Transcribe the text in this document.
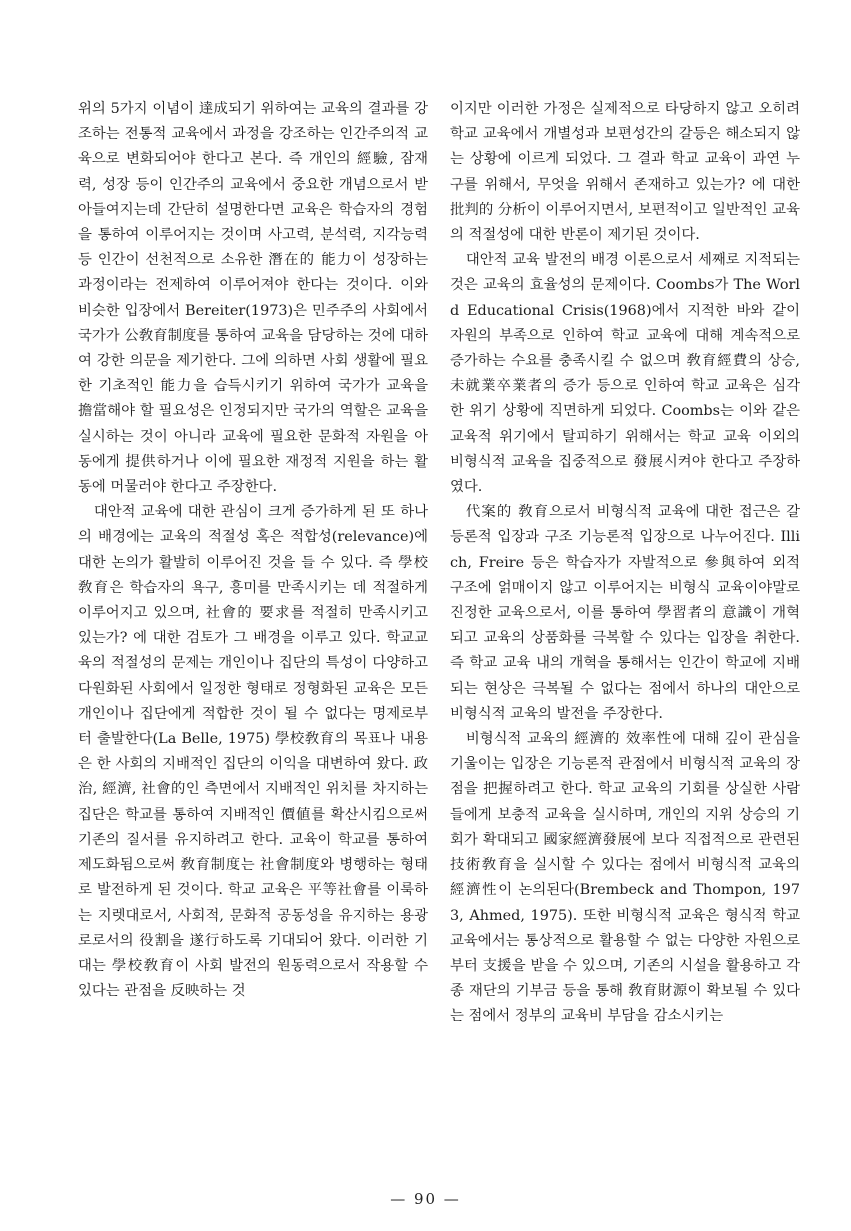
위의 5가지 이념이 達成되기 위하여는 교육의 결과를 강조하는 전통적 교육에서 과정을 강조하는 인간주의적 교육으로 변화되어야 한다고 본다. 즉 개인의 經驗, 잠재력, 성장 등이 인간주의 교육에서 중요한 개념으로서 받아들여지는데 간단히 설명한다면 교육은 학습자의 경험을 통하여 이루어지는 것이며 사고력, 분석력, 지각능력 등 인간이 선천적으로 소유한 潛在的 能力이 성장하는 과정이라는 전제하여 이루어져야 한다는 것이다. 이와 비슷한 입장에서 Bereiter(1973)은 민주주의 사회에서 국가가 公敎育制度를 통하여 교육을 담당하는 것에 대하여 강한 의문을 제기한다. 그에 의하면 사회 생활에 필요한 기초적인 能力을 습득시키기 위하여 국가가 교육을 擔當해야 할 필요성은 인정되지만 국가의 역할은 교육을 실시하는 것이 아니라 교육에 필요한 문화적 자원을 아동에게 提供하거나 이에 필요한 재정적 지원을 하는 활동에 머물러야 한다고 주장한다.

대안적 교육에 대한 관심이 크게 증가하게 된 또 하나의 배경에는 교육의 적절성 혹은 적합성(relevance)에 대한 논의가 활발히 이루어진 것을 들 수 있다. 즉 學校敎育은 학습자의 욕구, 흥미를 만족시키는 데 적절하게 이루어지고 있으며, 社會的 要求를 적절히 만족시키고 있는가? 에 대한 검토가 그 배경을 이루고 있다. 학교교육의 적절성의 문제는 개인이나 집단의 특성이 다양하고 다원화된 사회에서 일정한 형태로 정형화된 교육은 모든 개인이나 집단에게 적합한 것이 될 수 없다는 명제로부터 출발한다(La Belle, 1975) 學校敎育의 목표나 내용은 한 사회의 지배적인 집단의 이익을 대변하여 왔다. 政治, 經濟, 社會的인 측면에서 지배적인 위치를 차지하는 집단은 학교를 통하여 지배적인 價値를 확산시킴으로써 기존의 질서를 유지하려고 한다. 교육이 학교를 통하여 제도화됨으로써 敎育制度는 社會制度와 병행하는 형태로 발전하게 된 것이다. 학교 교육은 平等社會를 이룩하는 지렛대로서, 사회적, 문화적 공동성을 유지하는 용광로로서의 役割을 遂行하도록 기대되어 왔다. 이러한 기대는 學校敎育이 사회 발전의 원동력으로서 작용할 수 있다는 관점을 反映하는 것

이지만 이러한 가정은 실제적으로 타당하지 않고 오히려 학교 교육에서 개별성과 보편성간의 갈등은 해소되지 않는 상황에 이르게 되었다. 그 결과 학교 교육이 과연 누구를 위해서, 무엇을 위해서 존재하고 있는가? 에 대한 批判的 分析이 이루어지면서, 보편적이고 일반적인 교육의 적절성에 대한 반론이 제기된 것이다.

대안적 교육 발전의 배경 이론으로서 세째로 지적되는 것은 교육의 효율성의 문제이다. Coombs가 The World Educational Crisis(1968)에서 지적한 바와 같이 자원의 부족으로 인하여 학교 교육에 대해 계속적으로 증가하는 수요를 충족시킬 수 없으며 敎育經費의 상승, 未就業卒業者의 증가 등으로 인하여 학교 교육은 심각한 위기 상황에 직면하게 되었다. Coombs는 이와 같은 교육적 위기에서 탈피하기 위해서는 학교 교육 이외의 비형식적 교육을 집중적으로 發展시켜야 한다고 주장하였다.

代案的 敎育으로서 비형식적 교육에 대한 접근은 갈등론적 입장과 구조 기능론적 입장으로 나누어진다. Illich, Freire 등은 학습자가 자발적으로 參與하여 외적 구조에 얽매이지 않고 이루어지는 비형식 교육이야말로 진정한 교육으로서, 이를 통하여 學習者의 意識이 개혁되고 교육의 상품화를 극복할 수 있다는 입장을 취한다. 즉 학교 교육 내의 개혁을 통해서는 인간이 학교에 지배되는 현상은 극복될 수 없다는 점에서 하나의 대안으로 비형식적 교육의 발전을 주장한다.

비형식적 교육의 經濟的 效率性에 대해 깊이 관심을 기울이는 입장은 기능론적 관점에서 비형식적 교육의 장점을 把握하려고 한다. 학교 교육의 기회를 상실한 사람들에게 보충적 교육을 실시하며, 개인의 지위 상승의 기회가 확대되고 國家經濟發展에 보다 직접적으로 관련된 技術敎育을 실시할 수 있다는 점에서 비형식적 교육의 經濟性이 논의된다(Brembeck and Thompon, 1973, Ahmed, 1975). 또한 비형식적 교육은 형식적 학교 교육에서는 통상적으로 활용할 수 없는 다양한 자원으로부터 支援을 받을 수 있으며, 기존의 시설을 활용하고 각종 재단의 기부금 등을 통해 敎育財源이 확보될 수 있다는 점에서 정부의 교육비 부담을 감소시키는

— 90 —
